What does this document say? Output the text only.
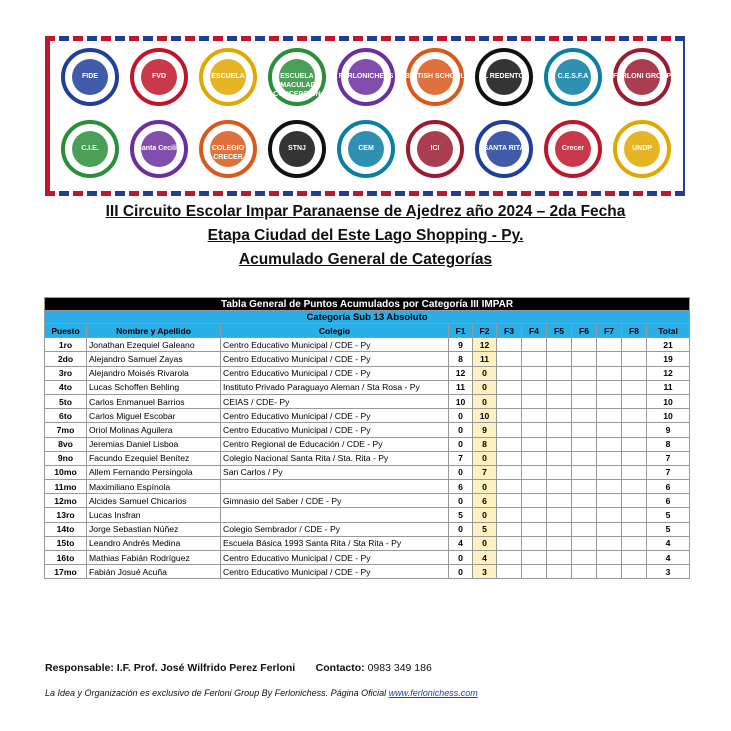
FIDE	FVD	ESCUELA	ESCUELA INMACULADA CONCEPCION
FERLONICHESS	BRITISH SCHOOL	EL REDENTOR	C.E.S.F.A	FERLONI GROUP
C.I.E.	Santa Cecilia	COLEGIO CRECER
STNJ	CEM	ICI	SANTA RITA	Crecer	UNDP
III Circuito Escolar Impar Paranaense de Ajedrez año 2024 – 2da Fecha
Etapa Ciudad del Este Lago Shopping - Py.
Acumulado General de Categorías
Tabla General de Puntos Acumulados por Categoría III IMPAR											
Categoría Sub 13 Absoluto											
Puesto	Nombre y Apellido	Colegio	F1	F2	F3	F4	F5	F6	F7	F8	Total
1ro	Jonathan Ezequiel Galeano	Centro Educativo Municipal / CDE - Py	9	12							21
2do	Alejandro Samuel Zayas	Centro Educativo Municipal / CDE - Py	8	11							19
3ro	Alejandro Moisés Rivarola	Centro Educativo Municipal / CDE - Py	12	0							12
4to	Lucas Schoffen Behling	Instituto Privado Paraguayo Aleman / Sta Rosa - Py	11	0							11
5to	Carlos Enmanuel Barrios	CEIAS / CDE- Py	10	0							10
6to	Carlos Miguel Escobar	Centro Educativo Municipal / CDE - Py	0	10							10
7mo	Oriol Molinas Aguilera	Centro Educativo Municipal / CDE - Py	0	9							9
8vo	Jeremias Daniel Lisboa	Centro Regional de Educación / CDE - Py	0	8							8
9no	Facundo Ezequiel Benítez	Colegio Nacional Santa Rita / Sta. Rita - Py	7	0							7
10mo	Allem Fernando Persingola	San Carlos / Py	0	7							7
11mo	Maximiliano Espínola		6	0							6
12mo	Alcides Samuel Chicarios	Gimnasio del Saber / CDE - Py	0	6							6
13ro	Lucas Insfran		5	0							5
14to	Jorge Sebastian Núñez	Colegio Sembrador / CDE - Py	0	5							5
15to	Leandro Andrés Medina	Escuela Básica 1993 Santa Rita / Sta Rita - Py	4	0							4
16to	Mathias Fabián Rodríguez	Centro Educativo Municipal / CDE - Py	0	4							4
17mo	Fabián Josué Acuña	Centro Educativo Municipal / CDE - Py	0	3							3
Responsable: I.F. Prof. José Wilfrido Perez Ferloni Contacto: 0983 349 186
La Idea y Organización es exclusivo de Ferloni Group By Ferlonichess. Página Oficial www.ferlonichess.com
